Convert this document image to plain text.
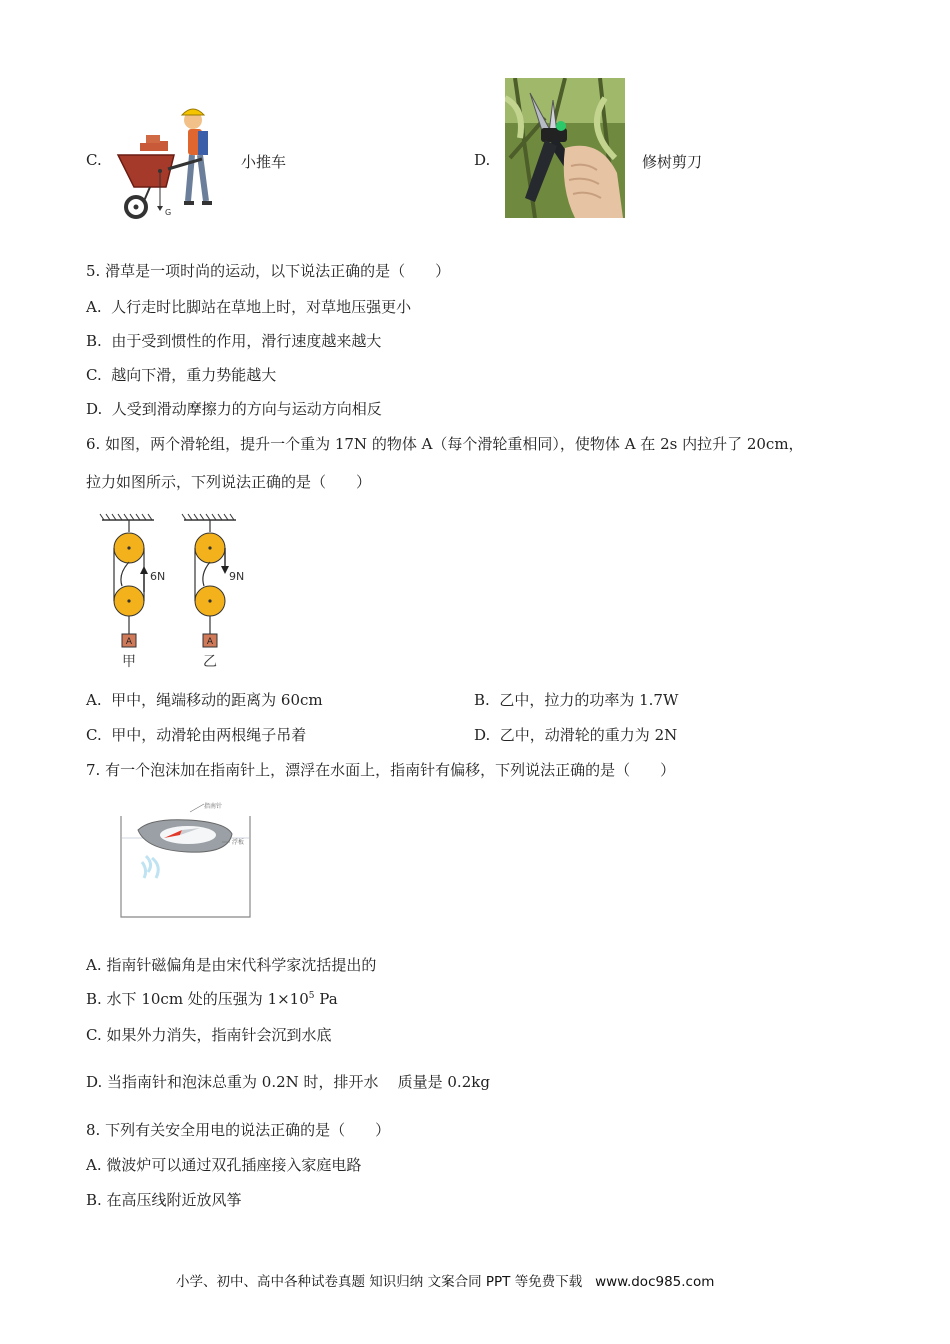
C.
G
小推车	D.	修树剪刀
5. 滑草是一项时尚的运动，以下说法正确的是（　　）
A.  人行走时比脚站在草地上时，对草地压强更小
B.  由于受到惯性的作用，滑行速度越来越大
C.  越向下滑，重力势能越大
D.  人受到滑动摩擦力的方向与运动方向相反
6. 如图，两个滑轮组，提升一个重为 17N 的物体 A（每个滑轮重相同），使物体 A 在 2s 内拉升了 20cm，
拉力如图所示，下列说法正确的是（　　）
A
6N
甲
9N
A
乙
A.  甲中，绳端移动的距离为 60cm	B.  乙中，拉力的功率为 1.7W
C.  甲中，动滑轮由两根绳子吊着	D.  乙中，动滑轮的重力为 2N
7. 有一个泡沫加在指南针上，漂浮在水面上，指南针有偏移，下列说法正确的是（　　）
指南针
浮板
A. 指南针磁偏角是由宋代科学家沈括提出的
B. 水下 10cm 处的压强为 $1\times 10^5$ Pa
C. 如果外力消失，指南针会沉到水底
D. 当指南针和泡沫总重为 0.2N 时，排开水    质量是 0.2kg
8. 下列有关安全用电的说法正确的是（　　）
A. 微波炉可以通过双孔插座接入家庭电路
B. 在高压线附近放风筝
小学、初中、高中各种试卷真题 知识归纳 文案合同 PPT 等免费下载   www.doc985.com
